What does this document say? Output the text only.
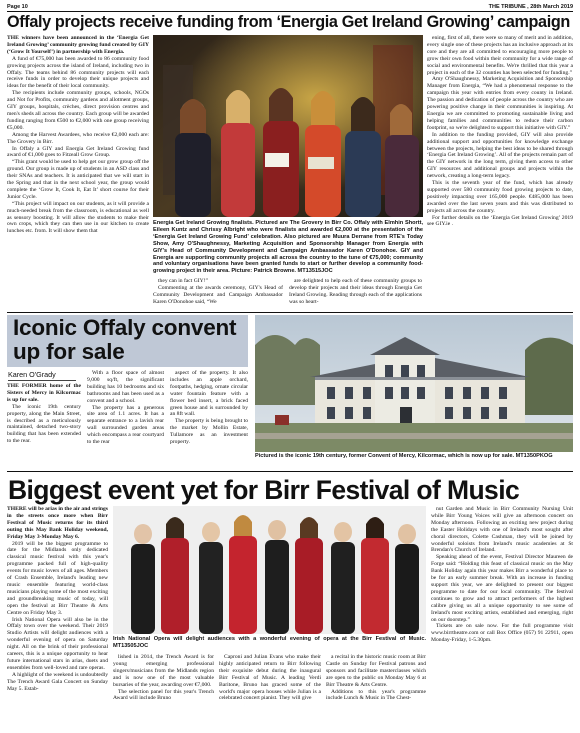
Page 10	THE TRIBUNE , 28th March 2019
Offaly projects receive funding from ‘Energia Get Ireland Growing’ campaign

THE winners have been announced in the ‘Energia Get Ireland Growing’ community growing fund created by GIY (‘Grow It Yourself’) in partnership with Energia.

A fund of €75,000 has been awarded to 86 community food growing projects across the island of Ireland, including two in Offaly. The teams behind 86 community projects will each receive funds in order to develop their unique projects and ideas for the benefit of their local community.

The recipients include community groups, schools, NGOs and Not for Profits, community gardens and allotment groups, GIY groups, hospitals, crèches, direct provision centres and men's sheds all across the country. Each group will be awarded funding ranging from €500 to €2,000 with one group receiving €5,000.

Among the Harvest Awardees, who receive €2,000 each are: The Grovery in Birr.

In Offaly a GIY and Energia Get Ireland Growing fund award of €1,000 goes to Fitzeall Grow Group.

“This grant would be used to help get our grow group off the ground. Our group is made up of students in an ASD class and their SNAs and teachers. It is anticipated that we will start in the Spring and that in the next school year, the group would complete the ‘Grow It, Cook It, Eat It’ short course for their Junior Cycle.

“This project will impact on our students, as it will provide a much-needed break from the classroom, is educational as well as sensory boosting. It will allow the students to make their own crops, which they can then use in our kitchen to create lunches etc. from. It will show them that

Energia Get Ireland Growing finalists. Pictured are The Grovery in Birr Co. Offaly with Elmhin Shortt, Eileen Kuntz and Chrissy Albright who were finalists and awarded €2,000 at the presentation of the ‘Energia Get Ireland Growing Fund’ celebration. Also pictured are Muura Derrane from RTE's Today Show, Amy O'Shaughnessy, Marketing Acquisition and Sponsorship Manager from Energia with GIY's Head of Community Development and Campaign Ambassador Karen O'Donohoe. GIY and Energia are supporting community projects all across the country to the tune of €75,000; community and voluntary organisations have been granted funds to start or further develop a community food-growing project in their area. Picture: Patrick Browne. MT13515JOC

they can in fact GIY!”

Commenting at the awards ceremony, GIY's Head of Community Development and Campaign Ambassador Karen O'Donohoe said, “We

are delighted to help each of these community groups to develop their projects and their ideas through Energia Get Ireland Growing. Reading through each of the applications was so heart-

ening, first of all, there were so many of merit and in addition, every single one of these projects has an inclusive approach at its core and they are all committed to encouraging more people to grow their own food within their community for a wide range of social and environmental benefits. We're thrilled that this year a project in each of the 32 counties has been selected for funding.”

Amy O'Shaughnessy, Marketing Acquisition and Sponsorship Manager from Energia, “We had a phenomenal response to the campaign this year with entries from every county in Ireland. The passion and dedication of people across the country who are powering positive change in their communities is inspiring. At Energia we are committed to promoting sustainable living and helping families and communities to reduce their carbon footprint, so we're delighted to support this initiative with GIY.”

In addition to the funding provided, GIY will also provide additional support and opportunities for knowledge exchange between the projects, helping the best ideas to be shared through ‘Energia Get Ireland Growing’. All of the projects remain part of the GIY network in the long term, giving them access to other GIY resources and additional groups and projects within the network, creating a long-term legacy.

This is the seventh year of the fund, which has already supported over 580 community food growing projects to date, positively impacting over 165,000 people. €485,000 has been awarded over the last seven years and this was distributed to projects all across the country.

For further details on the ‘Energia Get Ireland Growing’ 2019 see GIY.ie .

Iconic Offaly convent
up for sale
Karen O'Grady

THE FORMER home of the Sisters of Mercy in Kilcormac is up for sale.

The iconic 19th century property, along the Main Street, is described as a meticulously maintained, detached two-story building that has been extended to the rear.

With a floor space of almost 9,000 sq/ft, the significant building has 10 bedrooms and six bathrooms and has been used as a convent and a school.

The property has a generous site area of 1.1 acres. It has a separate entrance to a lavish rear wall surrounded garden areas which encompass a rear courtyard to the rear

aspect of the property. It also includes an apple orchard, footpaths, hedging, ornate circular water fountain feature with a flower bed insert, a brick faced green house and is surrounded by an 8ft wall.

The property is being brought to the market by Mollin Estate, Tullamore as an investment property.

Pictured is the iconic 19th century, former Convent of Mercy, Kilcormac, which is now up for sale. MT1350PKOG
Biggest event yet for Birr Festival of Music

THERE will be arias in the air and strings in the streets once more when Birr Festival of Music returns for its third outing this May Bank Holiday weekend, Friday May 3-Monday May 6.

2019 will be the biggest programme to date for the Midlands only dedicated classical music festival with this year's programme packed full of high-quality events for music lovers of all ages. Members of Crash Ensemble, Ireland's leading new music ensemble featuring world-class musicians playing some of the most exciting and groundbreaking music of today, will open the festival at Birr Theatre & Arts Centre on Friday May 3.

Irish National Opera will also be in the Offaly town over the weekend. Their 2019 Studio Artists will delight audiences with a wonderful evening of opera on Saturday night. All on the brink of their professional careers, this is a unique opportunity to hear future international stars in arias, duets and ensembles from well-loved and rare operas.

A highlight of the weekend is undoubtedly The Trench Award Gala Concert on Sunday May 5. Estab-

Irish National Opera will delight audiences with a wonderful evening of opera at the Birr Festival of Music. MT13505JOC

lished in 2014, the Trench Award is for young emerging professional singers/musicians from the Midlands region and is now one of the most valuable bursaries of the year, awarding over €7,000.

The selection panel for this year's Trench Award will include Bruno

Caproni and Julian Evans who make their highly anticipated return to Birr following their exquisite debut during the inaugural Birr Festival of Music. A leading Verdi Baritone, Bruno has graced some of the world's major opera houses while Julian is a celebrated concert pianist. They will give

a recital in the historic music room at Birr Castle on Sunday for Festival patrons and sponsors and facilitate masterclasses which are open to the public on Monday May 6 at Birr Theatre & Arts Centre.

Additions to this year's programme include Lunch & Music in The Chest-

nut Garden and Music in Birr Community Nursing Unit while Birr Young Voices will give an afternoon concert on Monday afternoon. Following an exciting new project during the Easter Holidays with one of Ireland's most sought after choral directors, Colette Cashman, they will be joined by wonderful soloists from Ireland's music academies at St Brendan's Church of Ireland.

Speaking ahead of the event, Festival Director Maureen de Forge said: “Holding this feast of classical music on the May Bank Holiday again this year makes Birr a wonderful place to be for an early summer break. With an increase in funding support this year, we are delighted to present our biggest programme to date for our local community. The festival continues to grow and to attract performers of the highest calibre giving us all a unique opportunity to see some of Ireland's most exciting artists, established and emerging, right on our doorstep.”

Tickets are on sale now. For the full programme visit www.birrtheatre.com or call Box Office (057) 91 22911, open Monday-Friday, 1-5.30pm.
